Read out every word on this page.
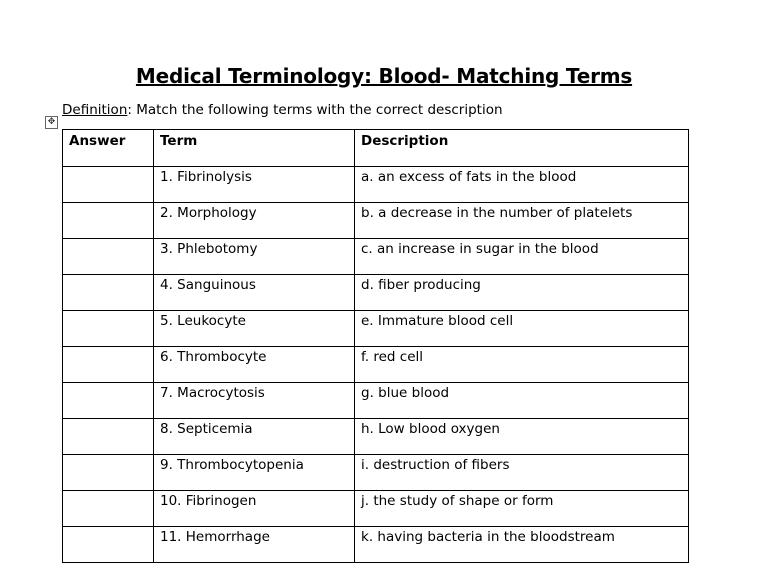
Medical Terminology: Blood- Matching Terms
Definition: Match the following terms with the correct description
✥
Answer	Term	Description
	1. Fibrinolysis	a. an excess of fats in the blood
	2. Morphology	b. a decrease in the number of platelets
	3. Phlebotomy	c. an increase in sugar in the blood
	4. Sanguinous	d. fiber producing
	5. Leukocyte	e. Immature blood cell
	6. Thrombocyte	f. red cell
	7. Macrocytosis	g. blue blood
	8. Septicemia	h. Low blood oxygen
	9. Thrombocytopenia	i. destruction of fibers
	10. Fibrinogen	j. the study of shape or form
	11. Hemorrhage	k. having bacteria in the bloodstream
